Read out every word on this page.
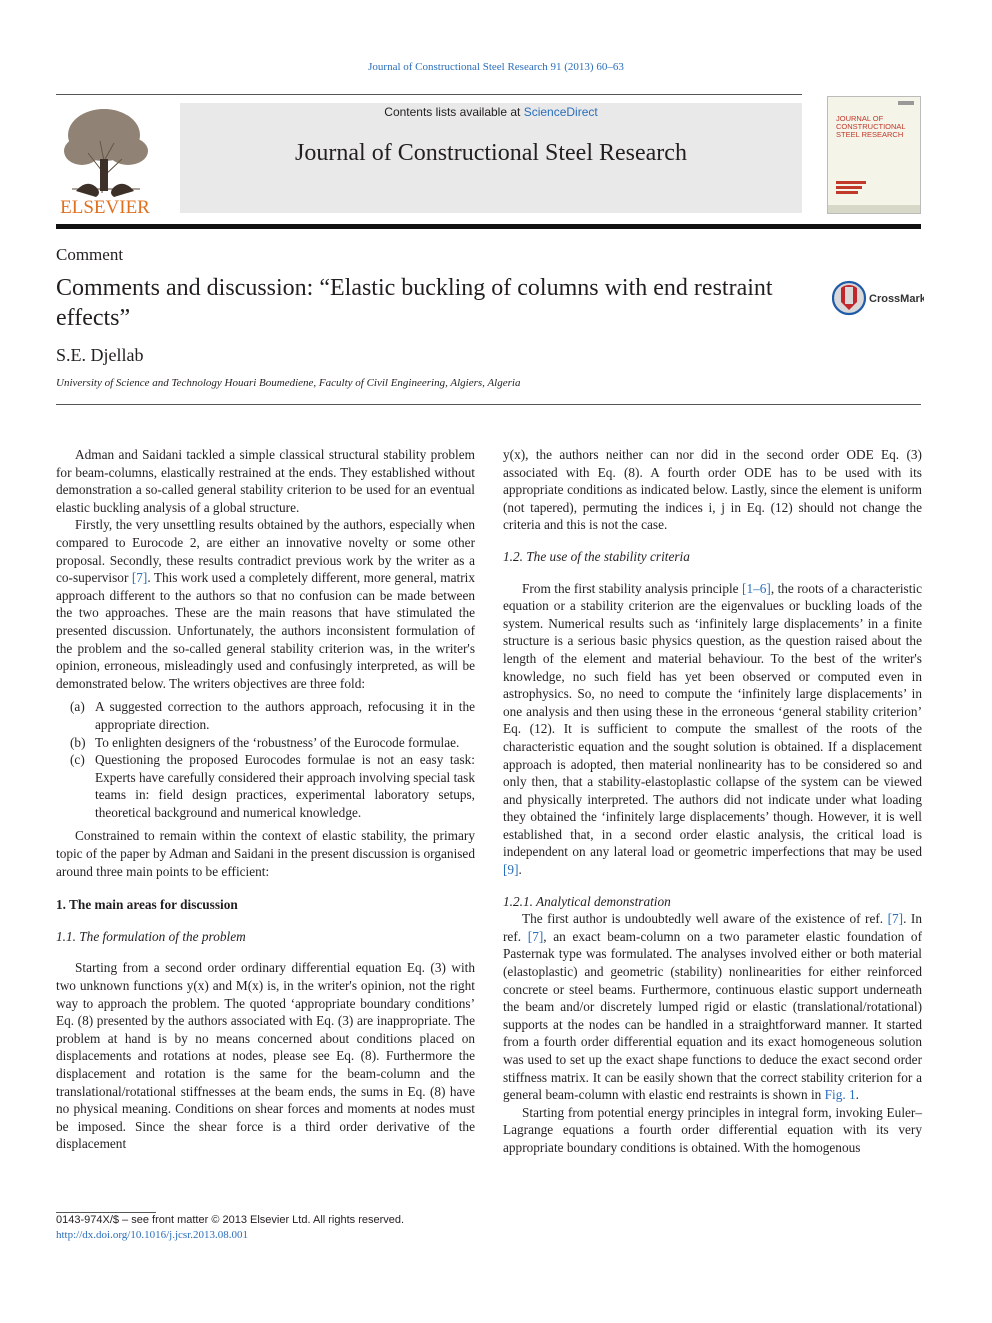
Journal of Constructional Steel Research 91 (2013) 60–63
ELSEVIER
Contents lists available at ScienceDirect
Journal of Constructional Steel Research
JOURNAL OF
CONSTRUCTIONAL
STEEL RESEARCH
Comment
Comments and discussion: “Elastic buckling of columns with end restraint effects”
CrossMark
S.E. Djellab
University of Science and Technology Houari Boumediene, Faculty of Civil Engineering, Algiers, Algeria

Adman and Saidani tackled a simple classical structural stability problem for beam-columns, elastically restrained at the ends. They established without demonstration a so-called general stability criterion to be used for an eventual elastic buckling analysis of a global structure.

Firstly, the very unsettling results obtained by the authors, especially when compared to Eurocode 2, are either an innovative novelty or some other proposal. Secondly, these results contradict previous work by the writer as a co-supervisor [7]. This work used a completely different, more general, matrix approach different to the authors so that no confusion can be made between the two approaches. These are the main reasons that have stimulated the presented discussion. Unfortunately, the authors inconsistent formulation of the problem and the so-called general stability criterion was, in the writer's opinion, erroneous, misleadingly used and confusingly interpreted, as will be demonstrated below. The writers objectives are three fold:

(a) A suggested correction to the authors approach, refocusing it in the appropriate direction.
(b) To enlighten designers of the ‘robustness’ of the Eurocode formulae.
(c) Questioning the proposed Eurocodes formulae is not an easy task: Experts have carefully considered their approach involving special task teams in: field design practices, experimental laboratory setups, theoretical background and numerical knowledge.

Constrained to remain within the context of elastic stability, the primary topic of the paper by Adman and Saidani in the present discussion is organised around three main points to be efficient:

1. The main areas for discussion
1.1. The formulation of the problem

Starting from a second order ordinary differential equation Eq. (3) with two unknown functions y(x) and M(x) is, in the writer's opinion, not the right way to approach the problem. The quoted ‘appropriate boundary conditions’ Eq. (8) presented by the authors associated with Eq. (3) are inappropriate. The problem at hand is by no means concerned about conditions placed on displacements and rotations at nodes, please see Eq. (8). Furthermore the displacement and rotation is the same for the beam-column and the translational/rotational stiffnesses at the beam ends, the sums in Eq. (8) have no physical meaning. Conditions on shear forces and moments at nodes must be imposed. Since the shear force is a third order derivative of the displacement

y(x), the authors neither can nor did in the second order ODE Eq. (3) associated with Eq. (8). A fourth order ODE has to be used with its appropriate conditions as indicated below. Lastly, since the element is uniform (not tapered), permuting the indices i, j in Eq. (12) should not change the criteria and this is not the case.

1.2. The use of the stability criteria

From the first stability analysis principle [1–6], the roots of a characteristic equation or a stability criterion are the eigenvalues or buckling loads of the system. Numerical results such as ‘infinitely large displacements’ in a finite structure is a serious basic physics question, as the question raised about the length of the element and material behaviour. To the best of the writer's knowledge, no such field has yet been observed or computed even in astrophysics. So, no need to compute the ‘infinitely large displacements’ in one analysis and then using these in the erroneous ‘general stability criterion’ Eq. (12). It is sufficient to compute the smallest of the roots of the characteristic equation and the sought solution is obtained. If a displacement approach is adopted, then material nonlinearity has to be considered so and only then, that a stability-elastoplastic collapse of the system can be viewed and physically interpreted. The authors did not indicate under what loading they obtained the ‘infinitely large displacements’ though. However, it is well established that, in a second order elastic analysis, the critical load is independent on any lateral load or geometric imperfections that may be used [9].

1.2.1. Analytical demonstration

The first author is undoubtedly well aware of the existence of ref. [7]. In ref. [7], an exact beam-column on a two parameter elastic foundation of Pasternak type was formulated. The analyses involved either or both material (elastoplastic) and geometric (stability) nonlinearities for either reinforced concrete or steel beams. Furthermore, continuous elastic support underneath the beam and/or discretely lumped rigid or elastic (translational/rotational) supports at the nodes can be handled in a straightforward manner. It started from a fourth order differential equation and its exact homogeneous solution was used to set up the exact shape functions to deduce the exact second order stiffness matrix. It can be easily shown that the correct stability criterion for a general beam-column with elastic end restraints is shown in Fig. 1.

Starting from potential energy principles in integral form, invoking Euler–Lagrange equations a fourth order differential equation with its very appropriate boundary conditions is obtained. With the homogenous

0143-974X/$ – see front matter © 2013 Elsevier Ltd. All rights reserved.
http://dx.doi.org/10.1016/j.jcsr.2013.08.001
